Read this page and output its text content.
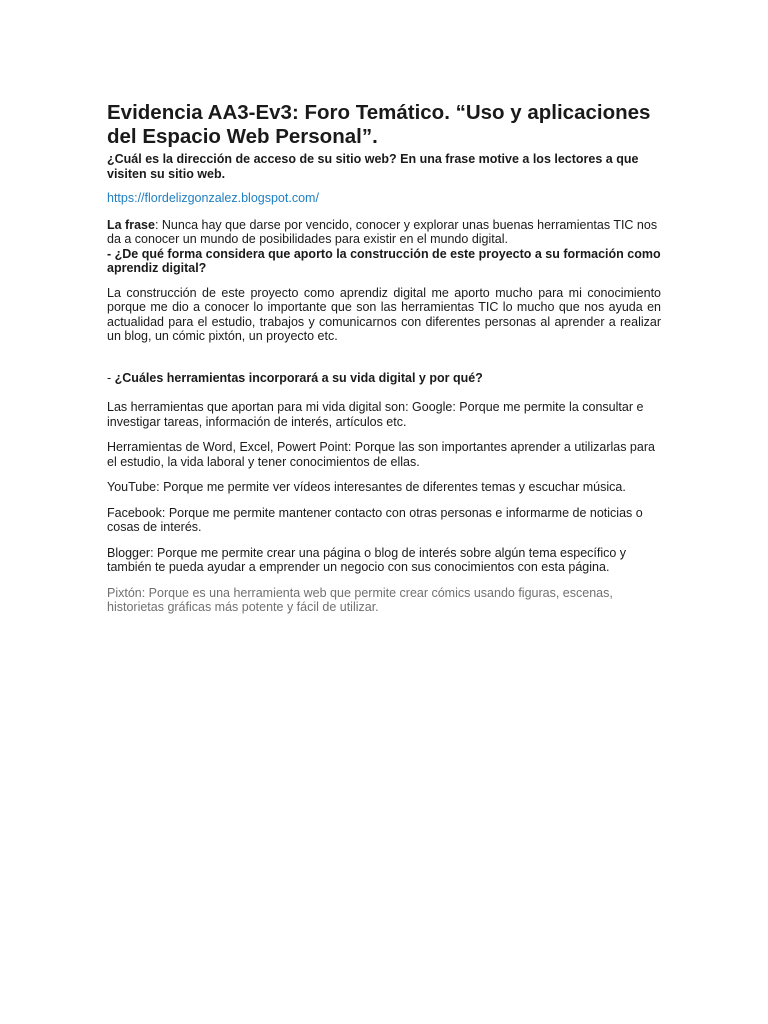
Evidencia AA3-Ev3: Foro Temático. “Uso y aplicaciones del Espacio Web Personal”.

¿Cuál es la dirección de acceso de su sitio web? En una frase motive a los lectores a que visiten su sitio web.

https://flordelizgonzalez.blogspot.com/

La frase: Nunca hay que darse por vencido, conocer y explorar unas buenas herramientas TIC nos da a conocer un mundo de posibilidades para existir en el mundo digital.

- ¿De qué forma considera que aporto la construcción de este proyecto a su formación como aprendiz digital?

La construcción de este proyecto como aprendiz digital me aporto mucho para mi conocimiento porque me dio a conocer lo importante que son las herramientas TIC lo mucho que nos ayuda en actualidad para el estudio, trabajos y comunicarnos con diferentes personas al aprender a realizar un blog, un cómic pixtón, un proyecto etc.

- ¿Cuáles herramientas incorporará a su vida digital y por qué?

Las herramientas que aportan para mi vida digital son: Google: Porque me permite la consultar e investigar tareas, información de interés, artículos etc.

Herramientas de Word, Excel, Powert Point: Porque las son importantes aprender a utilizarlas para el estudio, la vida laboral y tener conocimientos de ellas.

YouTube: Porque me permite ver vídeos interesantes de diferentes temas y escuchar música.

Facebook: Porque me permite mantener contacto con otras personas e informarme de noticias o cosas de interés.

Blogger: Porque me permite crear una página o blog de interés sobre algún tema específico y también te pueda ayudar a emprender un negocio con sus conocimientos con esta página.

Pixtón: Porque es una herramienta web que permite crear cómics usando figuras, escenas, historietas gráficas más potente y fácil de utilizar.
